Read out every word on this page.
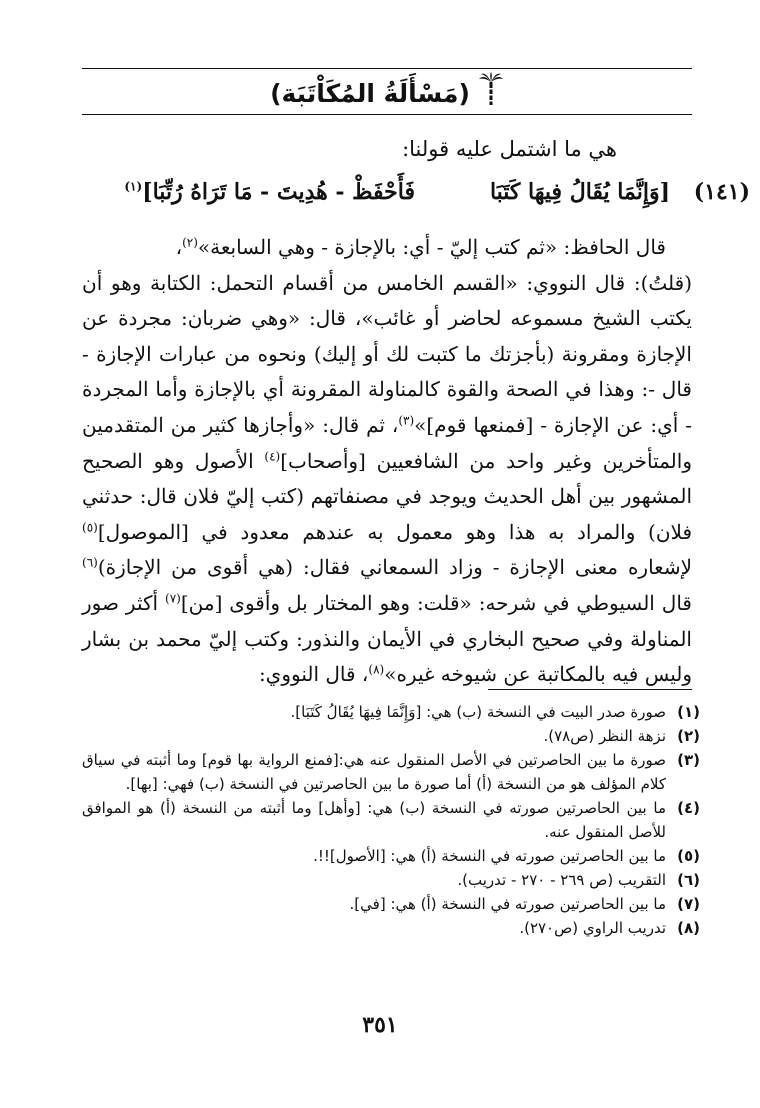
(مَسْأَلَةُ المُكَاْتَبَة)
هي ما اشتمل عليه قولنا:
(١٤١)
[وَإِنَّمَا يُقَالُ فِيهَا كَتَبَا
فَأَحْفَظْ - هُدِيتَ - مَا تَرَاهُ رُتِّبَا]$^{(١)}$

قال الحافظ: «ثم كتب إليّ - أي: بالإجازة - وهي السابعة»$^{(٢)}$،

(قلتُ): قال النووي: «القسم الخامس من أقسام التحمل: الكتابة وهو أن يكتب الشيخ مسموعه لحاضر أو غائب»، قال: «وهي ضربان: مجردة عن الإجازة ومقرونة (بأجزتك ما كتبت لك أو إليك) ونحوه من عبارات الإجازة - قال -: وهذا في الصحة والقوة كالمناولة المقرونة أي بالإجازة وأما المجردة - أي: عن الإجازة - [فمنعها قوم]»$^{(٣)}$، ثم قال: «وأجازها كثير من المتقدمين والمتأخرين وغير واحد من الشافعيين [وأصحاب]$^{(٤)}$ الأصول وهو الصحيح المشهور بين أهل الحديث ويوجد في مصنفاتهم (كتب إليّ فلان قال: حدثني فلان) والمراد به هذا وهو معمول به عندهم معدود في [الموصول]$^{(٥)}$ لإشعاره معنى الإجازة - وزاد السمعاني فقال: (هي أقوى من الإجازة)$^{(٦)}$ قال السيوطي في شرحه: «قلت: وهو المختار بل وأقوى [من]$^{(٧)}$ أكثر صور المناولة وفي صحيح البخاري في الأيمان والنذور: وكتب إليّ محمد بن بشار وليس فيه بالمكاتبة عن شيوخه غيره»$^{(٨)}$، قال النووي:

(١)
صورة صدر البيت في النسخة (ب) هي: [وَإِنَّمَا فِيهَا يُقَالُ كَتَبَا].
(٢)
نزهة النظر (ص٧٨).
(٣)
صورة ما بين الحاصرتين في الأصل المنقول عنه هي:[فمنع الرواية بها قوم] وما أثبته في سياق كلام المؤلف هو من النسخة (أ) أما صورة ما بين الحاصرتين في النسخة (ب) فهي: [بها].
(٤)
ما بين الحاصرتين صورته في النسخة (ب) هي: [وأهل] وما أثبته من النسخة (أ) هو الموافق للأصل المنقول عنه.
(٥)
ما بين الحاصرتين صورته في النسخة (أ) هي: [الأصول]!!.
(٦)
التقريب (ص ٢٦٩ - ٢٧٠ - تدريب).
(٧)
ما بين الحاصرتين صورته في النسخة (أ) هي: [في].
(٨)
تدريب الراوي (ص٢٧٠).
٣٥١
